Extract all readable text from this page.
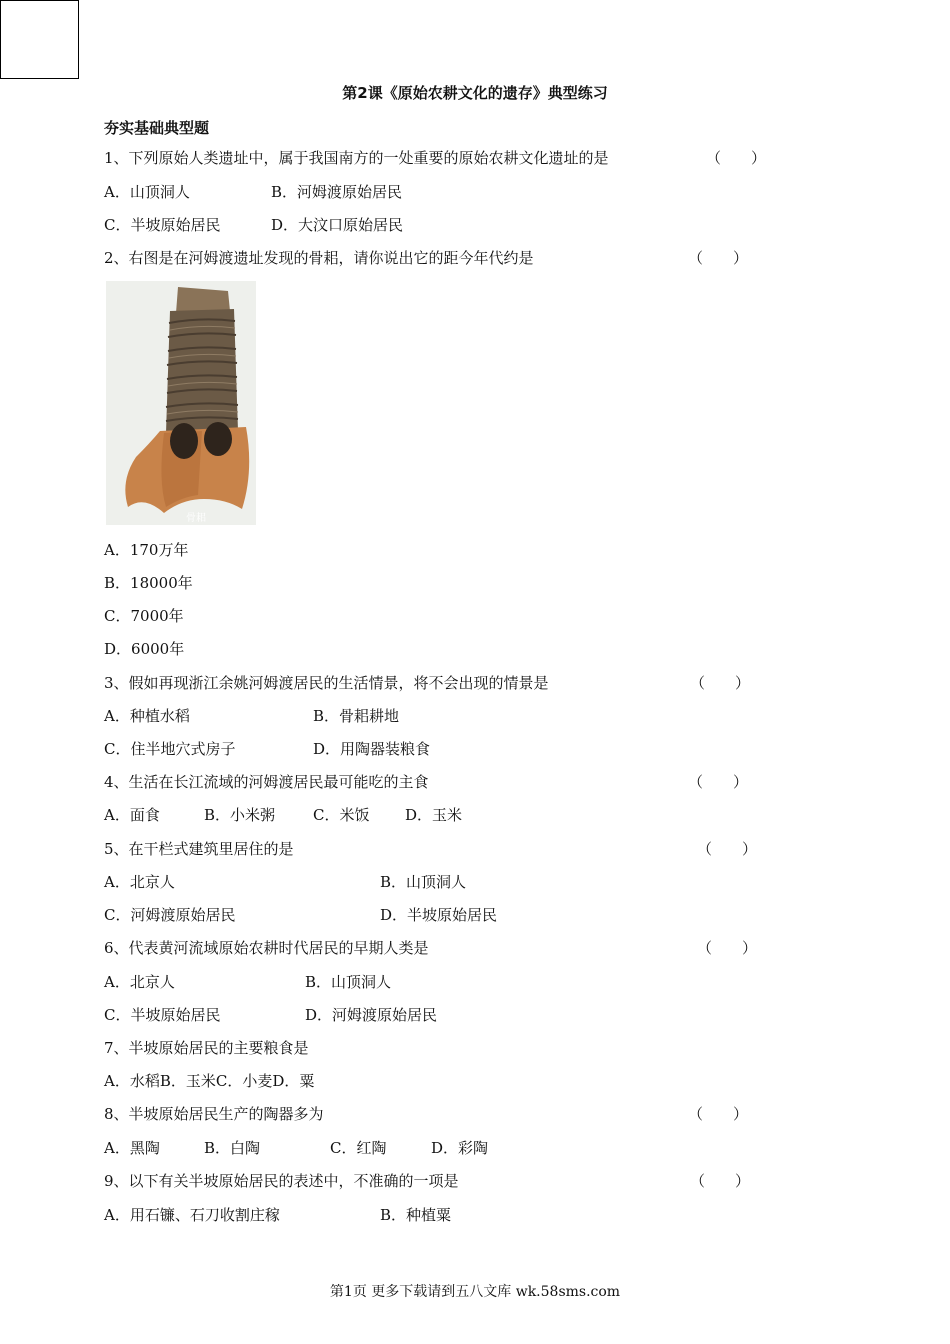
第2课《原始农耕文化的遗存》典型练习
夯实基础典型题
1、下列原始人类遗址中，属于我国南方的一处重要的原始农耕文化遗址的是	（　　）
A．山顶洞人	B．河姆渡原始居民
C．半坡原始居民	D．大汶口原始居民
2、右图是在河姆渡遗址发现的骨耜，请你说出它的距今年代约是	（　　）
骨耜
A．170万年
B．18000年
C．7000年
D．6000年
3、假如再现浙江余姚河姆渡居民的生活情景，将不会出现的情景是	（　　）
A．种植水稻	B．骨耜耕地
C．住半地穴式房子	D．用陶器装粮食
4、生活在长江流域的河姆渡居民最可能吃的主食	（　　）
A．面食	B．小米粥	C．米饭 D．玉米
5、在干栏式建筑里居住的是	（　　）
A．北京人	B．山顶洞人
C．河姆渡原始居民	D．半坡原始居民
6、代表黄河流域原始农耕时代居民的早期人类是	（　　）
A．北京人	B．山顶洞人
C．半坡原始居民	D．河姆渡原始居民
7、半坡原始居民的主要粮食是
A．水稻B．玉米C．小麦D．粟
8、半坡原始居民生产的陶器多为	（　　）
A．黑陶	B．白陶	C．红陶	D．彩陶
9、以下有关半坡原始居民的表述中，不准确的一项是	（　　）
A．用石镰、石刀收割庄稼	B．种植粟
第1页 更多下载请到五八文库 wk.58sms.com
